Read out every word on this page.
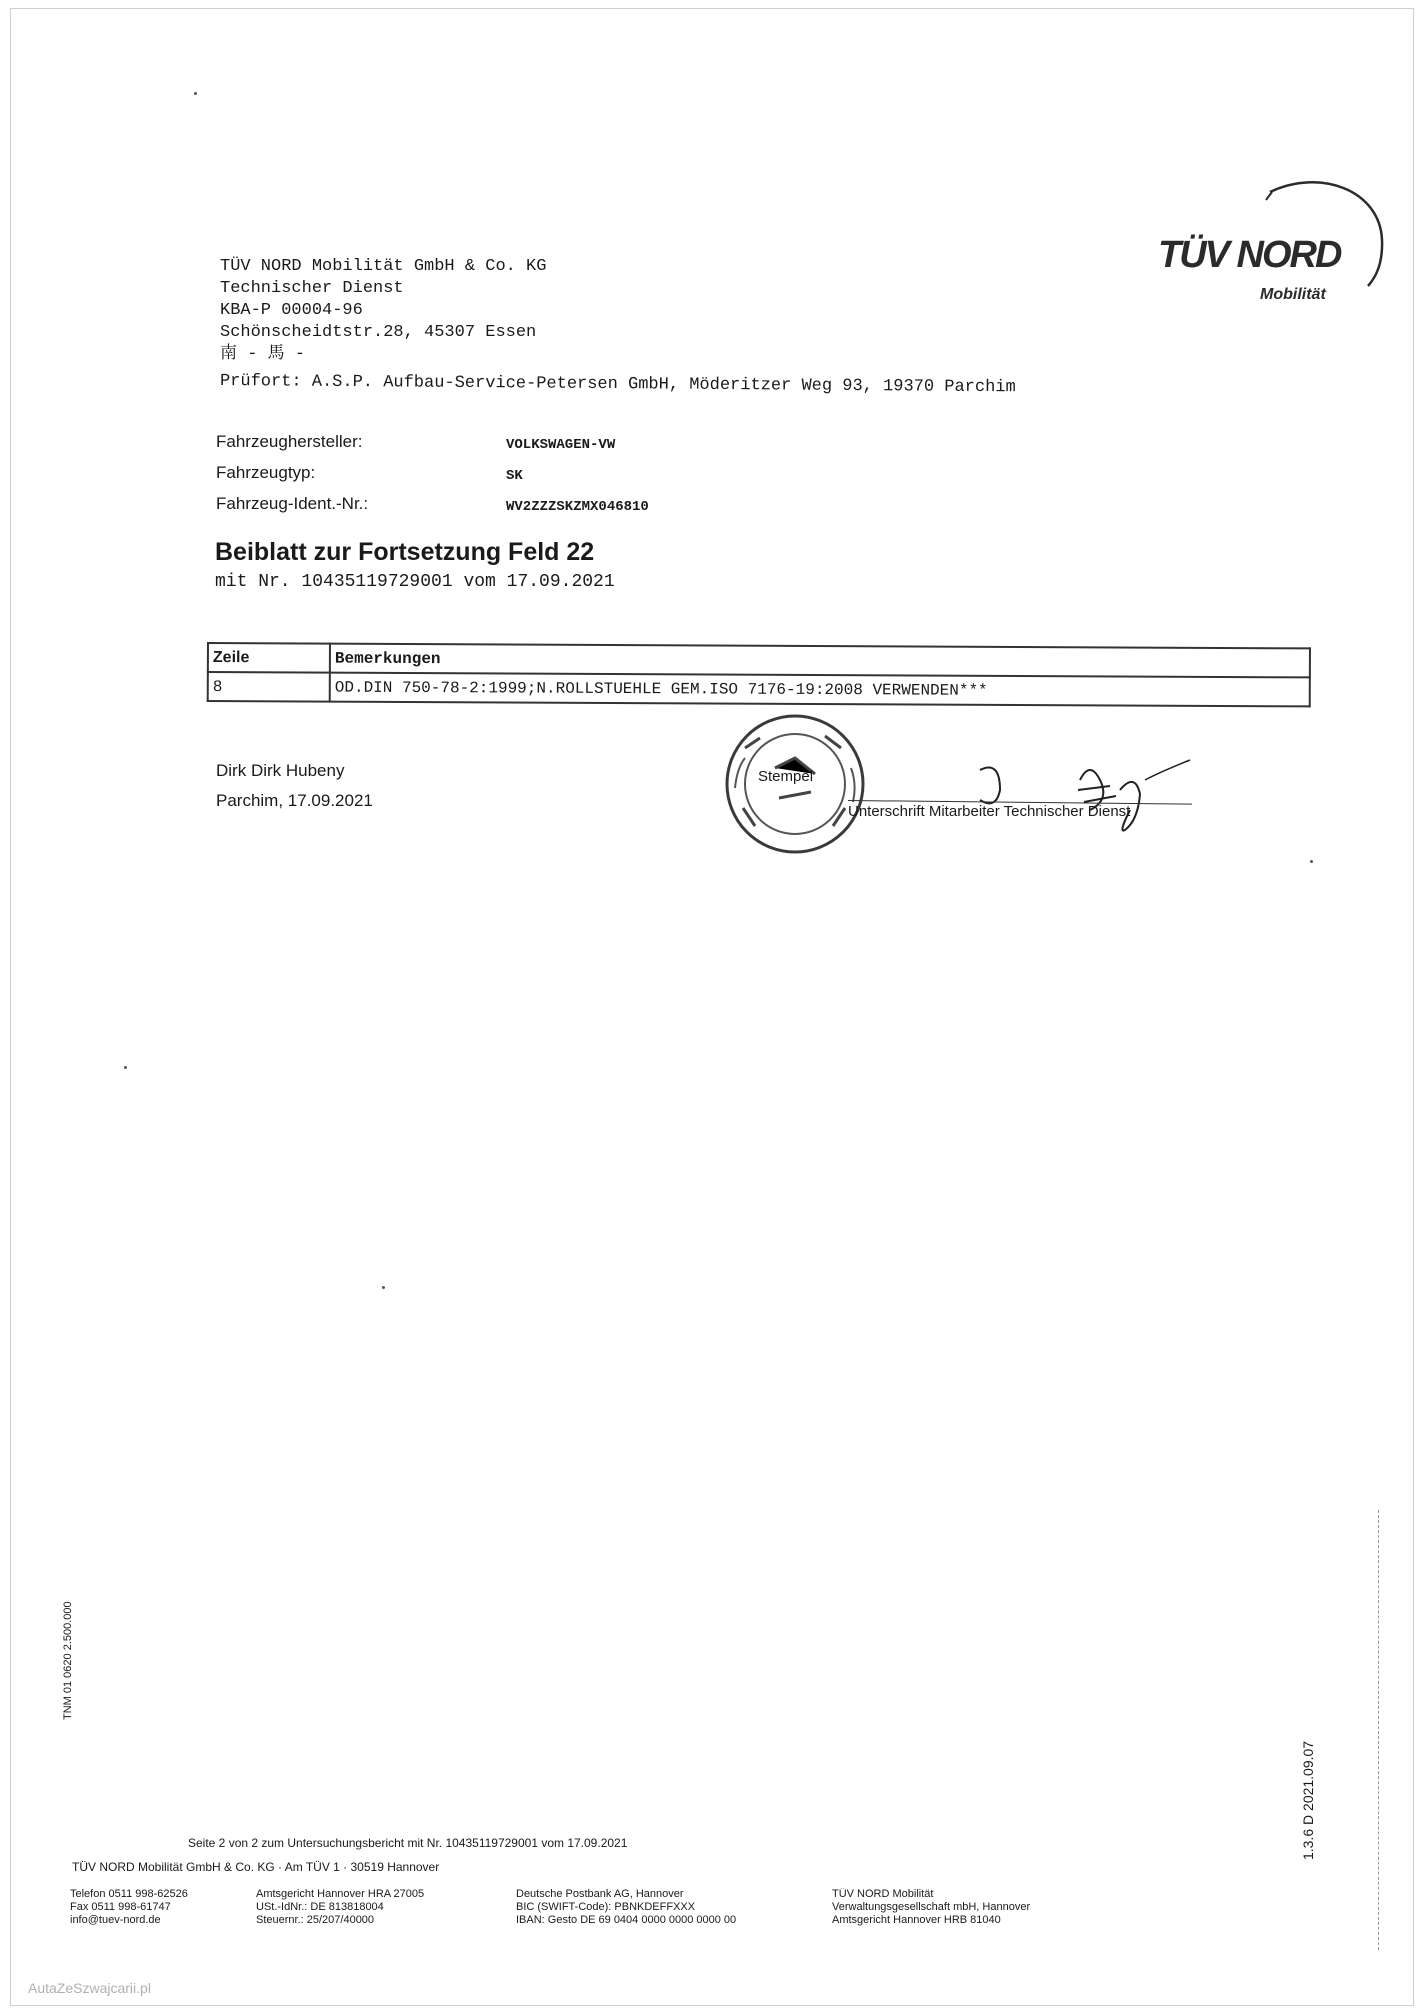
TÜV NORD Mobilität GmbH & Co. KG
Technischer Dienst
KBA-P 00004-96
Schönscheidtstr.28, 45307 Essen
南 - 馬 -
Prüfort: A.S.P. Aufbau-Service-Petersen GmbH, Möderitzer Weg 93, 19370 Parchim
TÜV NORD
Mobilität
Fahrzeughersteller:	VOLKSWAGEN-VW
Fahrzeugtyp:	SK
Fahrzeug-Ident.-Nr.:	WV2ZZZSKZMX046810
Beiblatt zur Fortsetzung Feld 22
mit Nr. 10435119729001 vom 17.09.2021
Zeile	Bemerkungen
8	OD.DIN 750-78-2:1999;N.ROLLSTUEHLE GEM.ISO 7176-19:2008 VERWENDEN***
Dirk Dirk Hubeny
Parchim, 17.09.2021
Stempel
Unterschrift Mitarbeiter Technischer Dienst
TNM 01 0620 2.500.000
1.3.6 D 2021.09.07
Seite 2 von 2 zum Untersuchungsbericht mit Nr. 10435119729001 vom 17.09.2021
TÜV NORD Mobilität GmbH & Co. KG · Am TÜV 1 · 30519 Hannover
Telefon 0511 998-62526
Fax 0511 998-61747
info@tuev-nord.de
Amtsgericht Hannover HRA 27005
USt.-IdNr.: DE 813818004
Steuernr.: 25/207/40000
Deutsche Postbank AG, Hannover
BIC (SWIFT-Code): PBNKDEFFXXX
IBAN: Gesto DE 69 0404 0000 0000 0000 00
TÜV NORD Mobilität
Verwaltungsgesellschaft mbH, Hannover
Amtsgericht Hannover HRB 81040
AutaZeSzwajcarii.pl
